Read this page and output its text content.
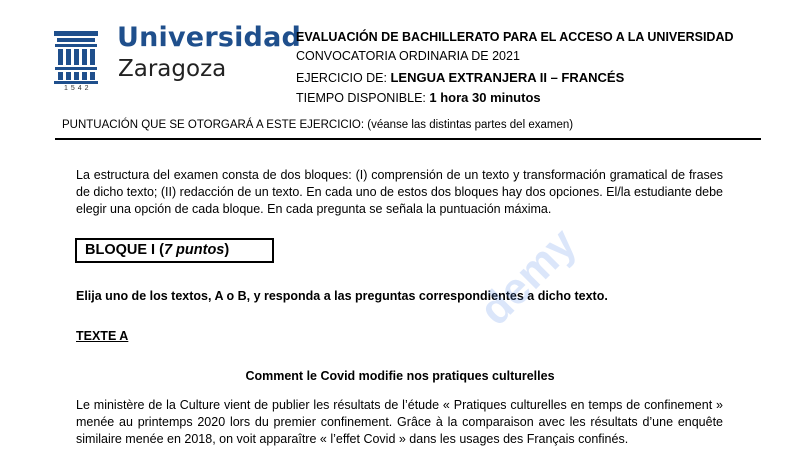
Universidad
Zaragoza
1542
EVALUACIÓN DE BACHILLERATO PARA EL ACCESO A LA UNIVERSIDAD
CONVOCATORIA ORDINARIA DE 2021
EJERCICIO DE: LENGUA EXTRANJERA II – FRANCÉS
TIEMPO DISPONIBLE: 1 hora 30 minutos
PUNTUACIÓN QUE SE OTORGARÁ A ESTE EJERCICIO: (véanse las distintas partes del examen)
La estructura del examen consta de dos bloques: (I) comprensión de un texto y transformación gramatical de frases de dicho texto; (II) redacción de un texto. En cada uno de estos dos bloques hay dos opciones. El/la estudiante debe elegir una opción de cada bloque. En cada pregunta se señala la puntuación máxima.
BLOQUE I (7 puntos)
Elija uno de los textos, A o B, y responda a las preguntas correspondientes a dicho texto.
TEXTE A
Comment le Covid modifie nos pratiques culturelles
Le ministère de la Culture vient de publier les résultats de l’étude « Pratiques culturelles en temps de confinement » menée au printemps 2020 lors du premier confinement. Grâce à la comparaison avec les résultats d’une enquête similaire menée en 2018, on voit apparaître « l’effet Covid » dans les usages des Français confinés.
demy
